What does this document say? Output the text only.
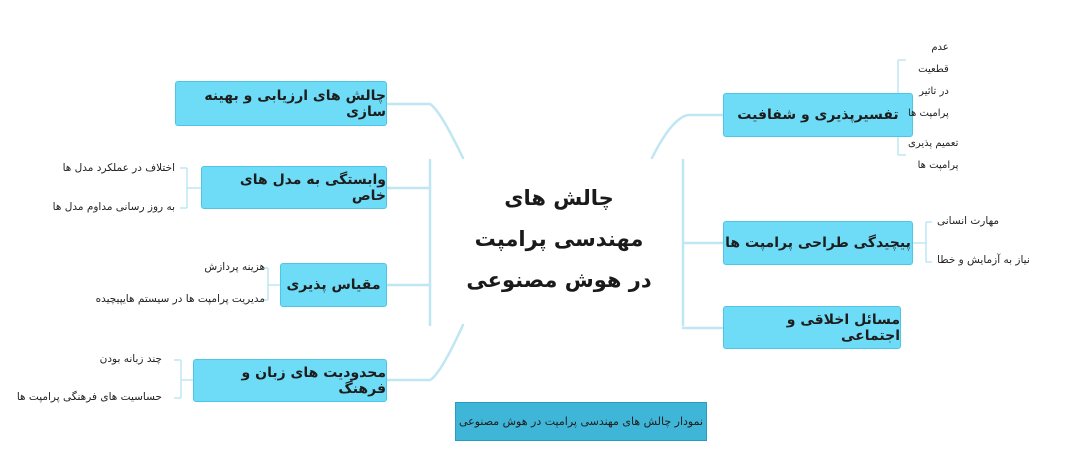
چالش های
مهندسی پرامپت
در هوش مصنوعی
تفسیرپذیری و شفافیت
پیچیدگی طراحی پرامپت ها
مسائل اخلاقی و اجتماعی
عدم
قطعیت
در تاثیر
پرامپت ها
تعمیم پذیری
پرامپت ها
مهارت انسانی
نیاز به آزمایش و خطا
چالش های ارزیابی و بهینه سازی
وابستگی به مدل های خاص
مقیاس پذیری
محدودیت های زبان و فرهنگ
اختلاف در عملکرد مدل ها
به روز رسانی مداوم مدل ها
هزینه پردازش
مدیریت پرامپت ها در سیستم هایپیچیده
چند زبانه بودن
حساسیت های فرهنگی پرامپت ها
نمودار چالش های مهندسی پرامپت در هوش مصنوعی
